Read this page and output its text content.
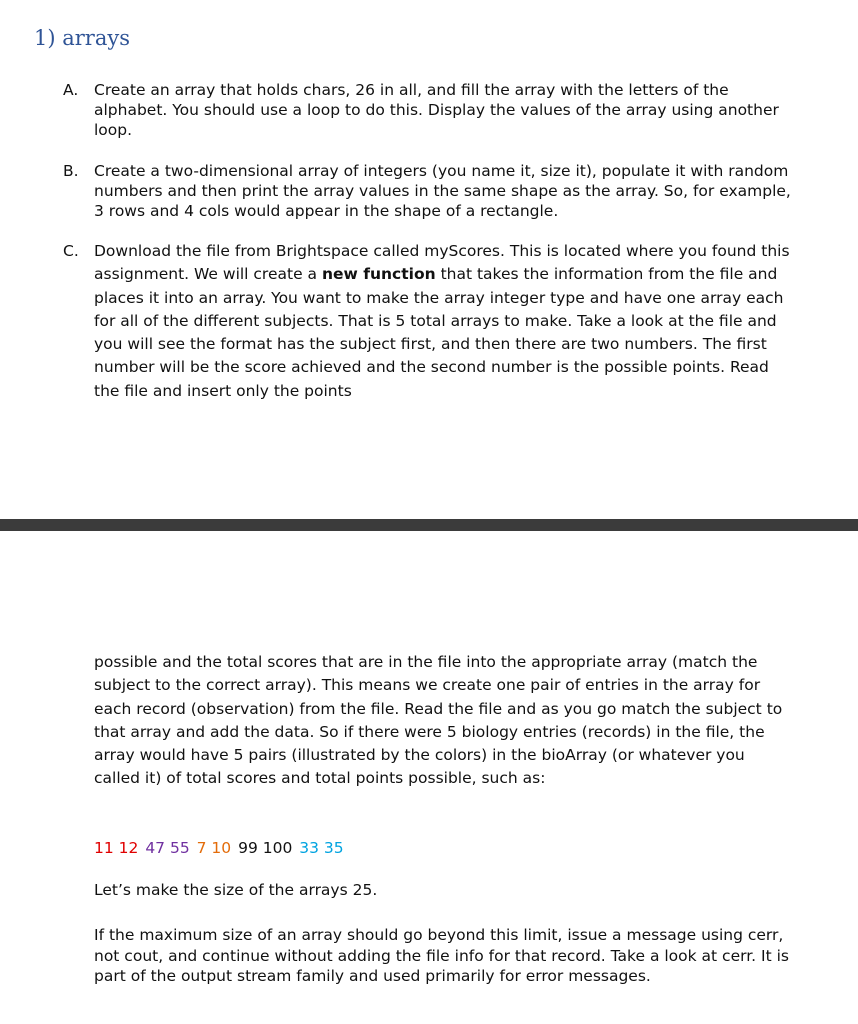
1) arrays
A.	Create an array that holds chars, 26 in all, and fill the array with the letters of the alphabet. You should use a loop to do this. Display the values of the array using another loop.

B. Create a two-dimensional array of integers (you name it, size it), populate it with random numbers and then print the array values in the same shape as the array. So, for example, 3 rows and 4 cols would appear in the shape of a rectangle.

C. Download the file from Brightspace called myScores. This is located where you found this assignment. We will create a new function that takes the information from the file and places it into an array. You want to make the array integer type and have one array each for all of the different subjects. That is 5 total arrays to make. Take a look at the file and you will see the format has the subject first, and then there are two numbers. The first number will be the score achieved and the second number is the possible points. Read the file and insert only the points

possible and the total scores that are in the file into the appropriate array (match the subject to the correct array). This means we create one pair of entries in the array for each record (observation) from the file. Read the file and as you go match the subject to that array and add the data. So if there were 5 biology entries (records) in the file, the array would have 5 pairs (illustrated by the colors) in the bioArray (or whatever you called it) of total scores and total points possible, such as:

11 12 47 55 7 10 99 100 33 35

Let’s make the size of the arrays 25.

If the maximum size of an array should go beyond this limit, issue a message using cerr, not cout, and continue without adding the file info for that record. Take a look at cerr. It is part of the output stream family and used primarily for error messages.
